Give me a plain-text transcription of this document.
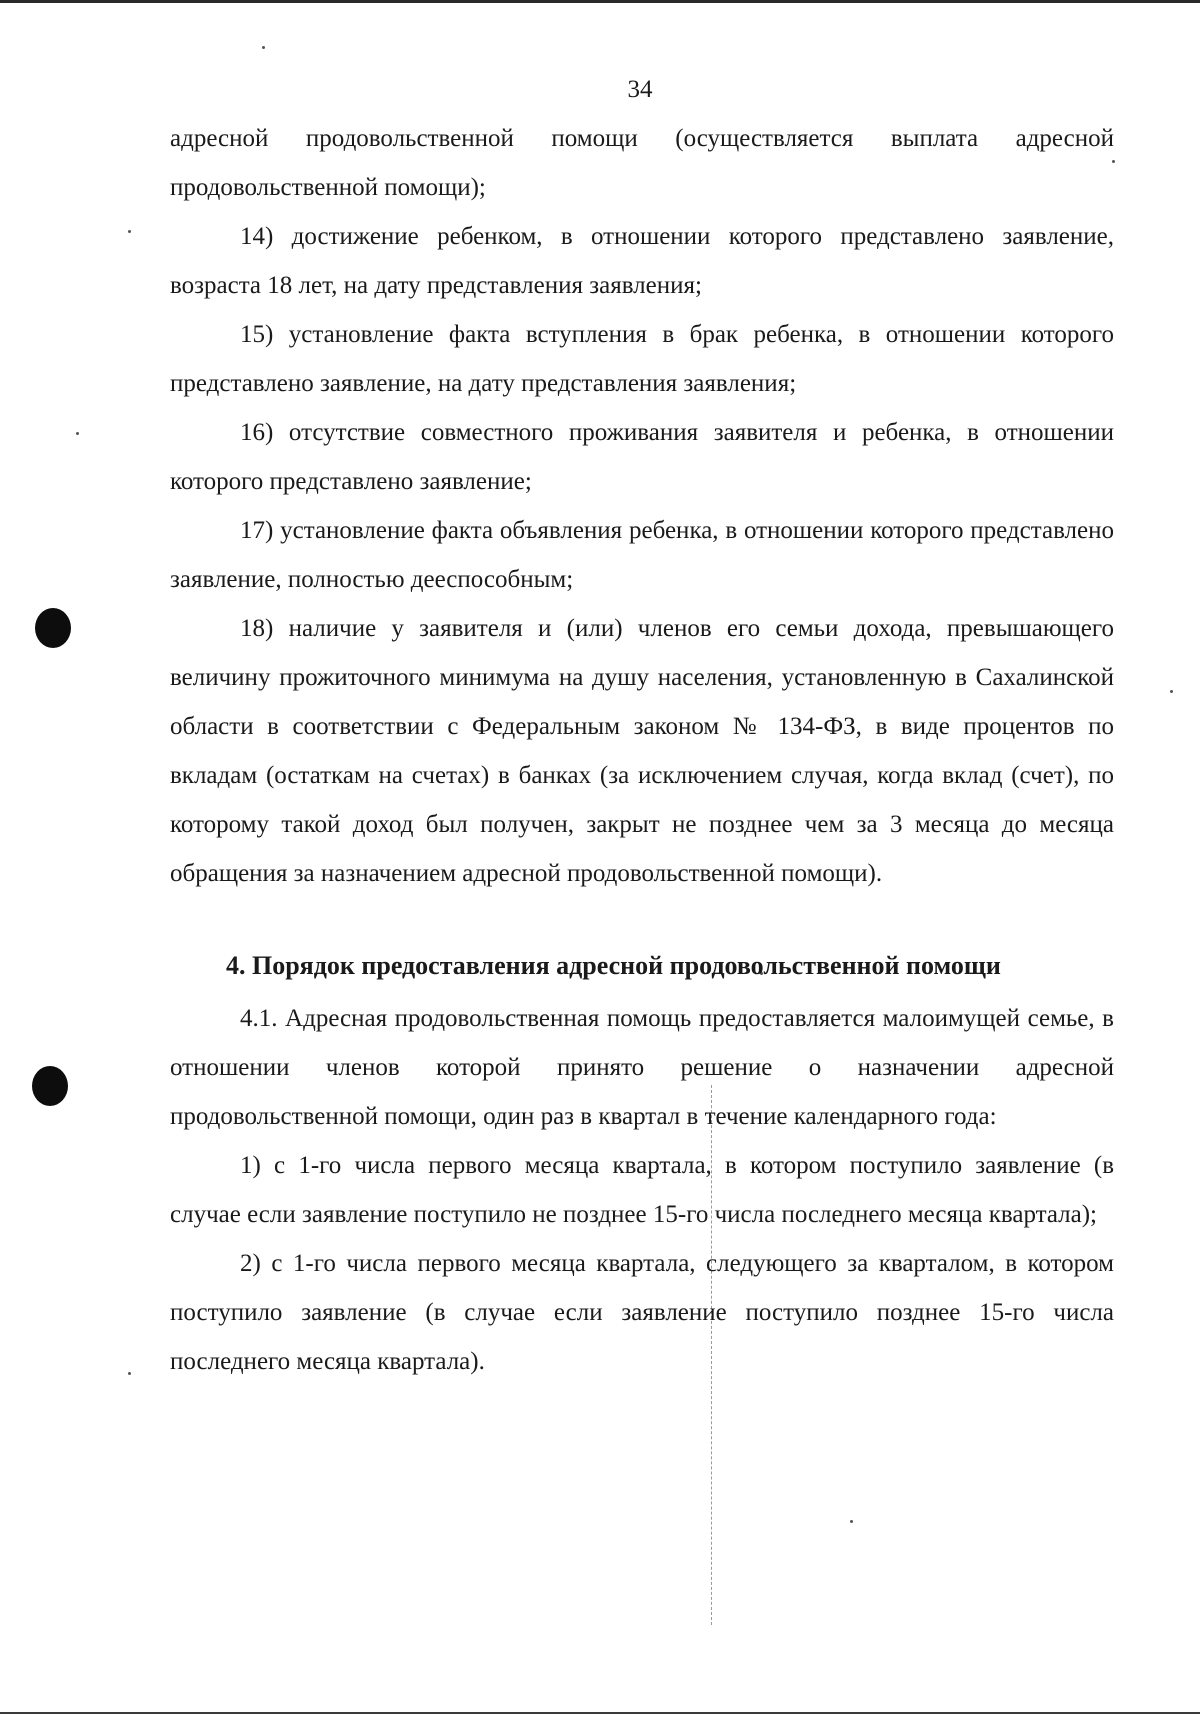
34

адресной продовольственной помощи (осуществляется выплата адресной продовольственной помощи);

14) достижение ребенком, в отношении которого представлено заявление, возраста 18 лет, на дату представления заявления;

15) установление факта вступления в брак ребенка, в отношении которого представлено заявление, на дату представления заявления;

16) отсутствие совместного проживания заявителя и ребенка, в отношении которого представлено заявление;

17) установление факта объявления ребенка, в отношении которого представлено заявление, полностью дееспособным;

18) наличие у заявителя и (или) членов его семьи дохода, превышающего величину прожиточного минимума на душу населения, установленную в Сахалинской области в соответствии с Федеральным законом № 134-ФЗ, в виде процентов по вкладам (остаткам на счетах) в банках (за исключением случая, когда вклад (счет), по которому такой доход был получен, закрыт не позднее чем за 3 месяца до месяца обращения за назначением адресной продовольственной помощи).

4. Порядок предоставления адресной продовольственной помощи

4.1. Адресная продовольственная помощь предоставляется малоимущей семье, в отношении членов которой принято решение о назначении адресной продовольственной помощи, один раз в квартал в течение календарного года:

1) с 1-го числа первого месяца квартала, в котором поступило заявление (в случае если заявление поступило не позднее 15-го числа последнего месяца квартала);

2) с 1-го числа первого месяца квартала, следующего за кварталом, в котором поступило заявление (в случае если заявление поступило позднее 15-го числа последнего месяца квартала).
